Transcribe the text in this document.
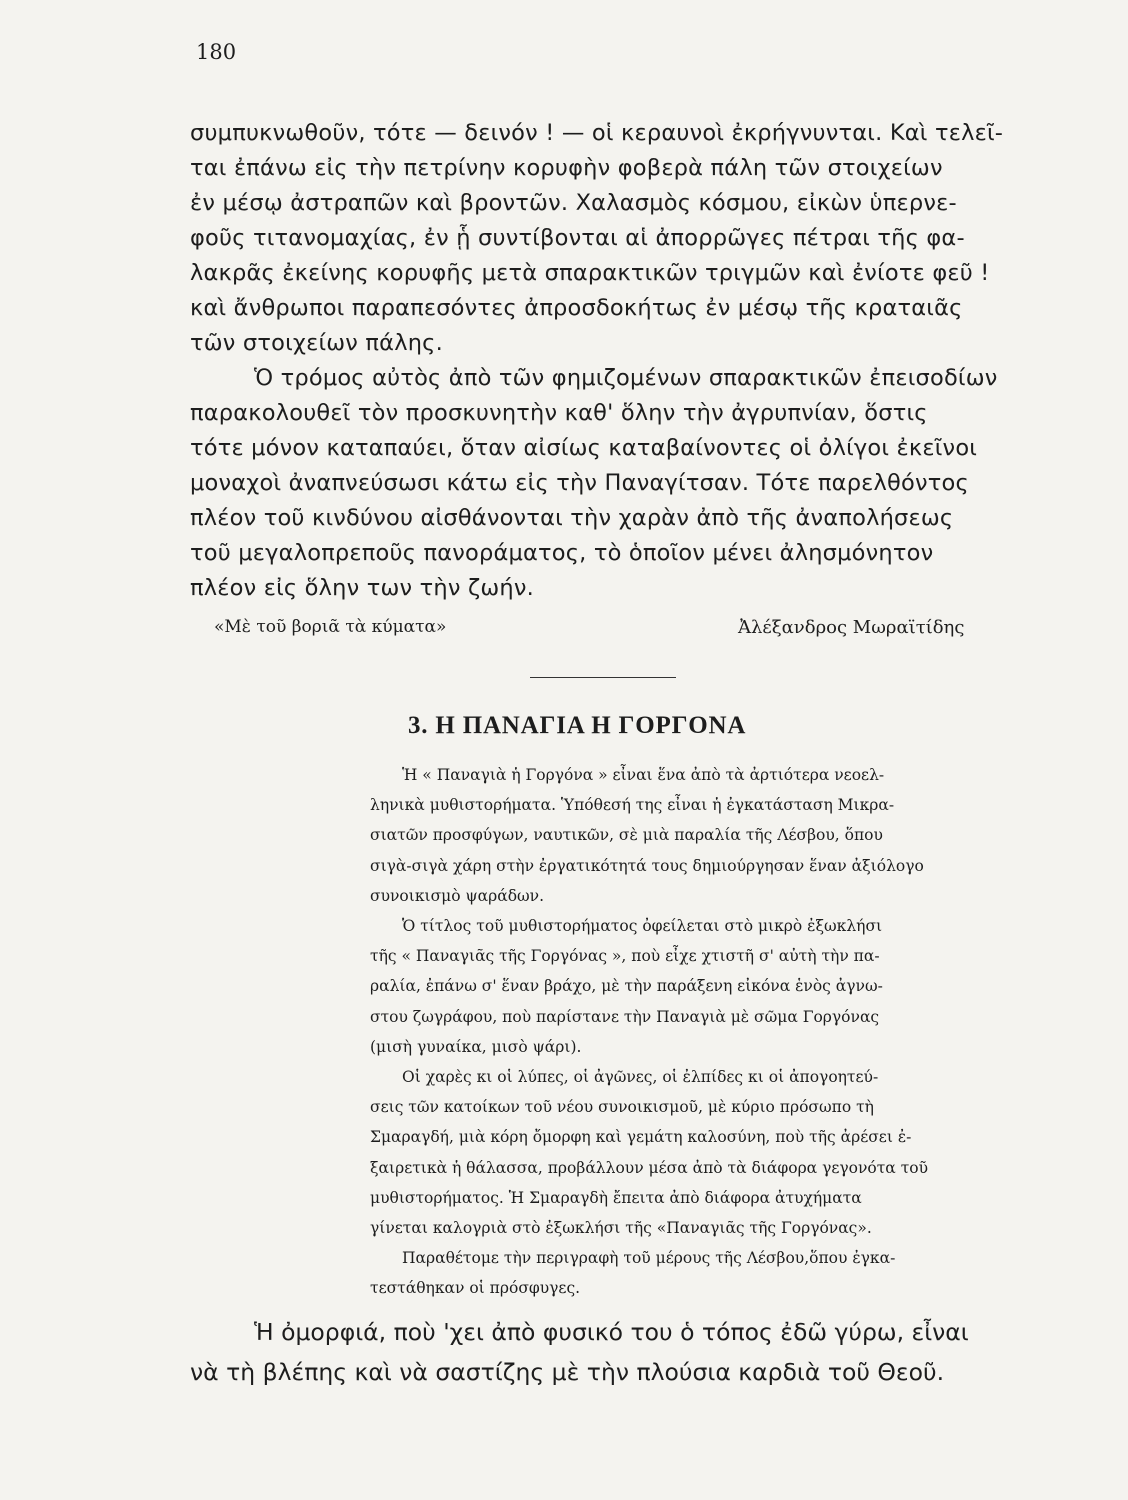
180
συμπυκνωθοῦν, τότε — δεινόν ! — οἱ κεραυνοὶ ἐκρήγνυνται. Καὶ τελεῖ-
ται ἐπάνω εἰς τὴν πετρίνην κορυφὴν φοβερὰ πάλη τῶν στοιχείων
ἐν μέσῳ ἀστραπῶν καὶ βροντῶν. Χαλασμὸς κόσμου, εἰκὼν ὑπερνε-
φοῦς τιτανομαχίας, ἐν ᾗ συντίβονται αἱ ἀπορρῶγες πέτραι τῆς φα-
λακρᾶς ἐκείνης κορυφῆς μετὰ σπαρακτικῶν τριγμῶν καὶ ἐνίοτε φεῦ !
καὶ ἄνθρωποι παραπεσόντες ἀπροσδοκήτως ἐν μέσῳ τῆς κραταιᾶς
τῶν στοιχείων πάλης.
Ὁ τρόμος αὐτὸς ἀπὸ τῶν φημιζομένων σπαρακτικῶν ἐπεισοδίων
παρακολουθεῖ τὸν προσκυνητὴν καθ' ὅλην τὴν ἀγρυπνίαν, ὅστις
τότε μόνον καταπαύει, ὅταν αἰσίως καταβαίνοντες οἱ ὀλίγοι ἐκεῖνοι
μοναχοὶ ἀναπνεύσωσι κάτω εἰς τὴν Παναγίτσαν. Τότε παρελθόντος
πλέον τοῦ κινδύνου αἰσθάνονται τὴν χαρὰν ἀπὸ τῆς ἀναπολήσεως
τοῦ μεγαλοπρεποῦς πανοράματος, τὸ ὁποῖον μένει ἀλησμόνητον
πλέον εἰς ὅλην των τὴν ζωήν.
«Μὲ τοῦ βοριᾶ τὰ κύματα»	Ἀλέξανδρος Μωραϊτίδης
3. Η ΠΑΝΑΓΙΑ Η ΓΟΡΓΟΝΑ
Ἡ « Παναγιὰ ἡ Γοργόνα » εἶναι ἕνα ἀπὸ τὰ ἀρτιότερα νεοελ-
ληνικὰ μυθιστορήματα. Ὑπόθεσή της εἶναι ἡ ἐγκατάσταση Μικρα-
σιατῶν προσφύγων, ναυτικῶν, σὲ μιὰ παραλία τῆς Λέσβου, ὅπου
σιγὰ-σιγὰ χάρη στὴν ἐργατικότητά τους δημιούργησαν ἕναν ἀξιόλογο
συνοικισμὸ ψαράδων.
Ὁ τίτλος τοῦ μυθιστορήματος ὀφείλεται στὸ μικρὸ ἐξωκλήσι
τῆς « Παναγιᾶς τῆς Γοργόνας », ποὺ εἶχε χτιστῆ σ' αὐτὴ τὴν πα-
ραλία, ἐπάνω σ' ἕναν βράχο, μὲ τὴν παράξενη εἰκόνα ἑνὸς ἀγνω-
στου ζωγράφου, ποὺ παρίστανε τὴν Παναγιὰ μὲ σῶμα Γοργόνας
(μισὴ γυναίκα, μισὸ ψάρι).
Οἱ χαρὲς κι οἱ λύπες, οἱ ἀγῶνες, οἱ ἐλπίδες κι οἱ ἀπογοητεύ-
σεις τῶν κατοίκων τοῦ νέου συνοικισμοῦ, μὲ κύριο πρόσωπο τὴ
Σμαραγδή, μιὰ κόρη ὄμορφη καὶ γεμάτη καλοσύνη, ποὺ τῆς ἀρέσει ἐ-
ξαιρετικὰ ἡ θάλασσα, προβάλλουν μέσα ἀπὸ τὰ διάφορα γεγονότα τοῦ
μυθιστορήματος. Ἡ Σμαραγδὴ ἔπειτα ἀπὸ διάφορα ἀτυχήματα
γίνεται καλογριὰ στὸ ἐξωκλήσι τῆς «Παναγιᾶς τῆς Γοργόνας».
Παραθέτομε τὴν περιγραφὴ τοῦ μέρους τῆς Λέσβου,ὅπου ἐγκα-
τεστάθηκαν οἱ πρόσφυγες.
Ἡ ὀμορφιά, ποὺ 'χει ἀπὸ φυσικό του ὁ τόπος ἐδῶ γύρω, εἶναι
νὰ τὴ βλέπης καὶ νὰ σαστίζης μὲ τὴν πλούσια καρδιὰ τοῦ Θεοῦ.
